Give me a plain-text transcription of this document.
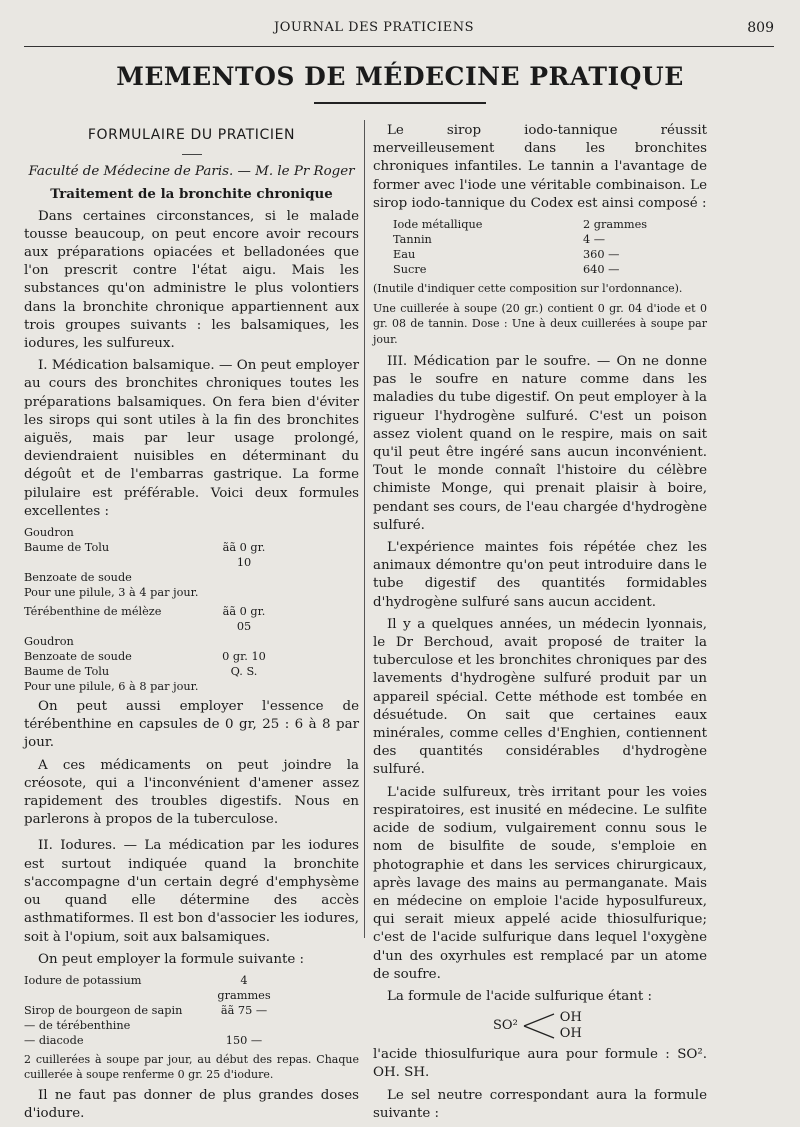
JOURNAL DES PRATICIENS	809
MEMENTOS DE MÉDECINE PRATIQUE
FORMULAIRE DU PRATICIEN

Faculté de Médecine de Paris. — M. le Pr Roger

Traitement de la bronchite chronique

Dans certaines circonstances, si le malade tousse beaucoup, on peut encore avoir recours aux préparations opiacées et belladonées que l'on prescrit contre l'état aigu. Mais les substances qu'on administre le plus volontiers dans la bronchite chronique appartiennent aux trois groupes suivants : les balsamiques, les iodures, les sulfureux.

I. Médication balsamique. — On peut employer au cours des bronchites chroniques toutes les préparations balsamiques. On fera bien d'éviter les sirops qui sont utiles à la fin des bronchites aiguës, mais par leur usage prolongé, deviendraient nuisibles en déterminant du dégoût et de l'embarras gastrique. La forme pilulaire est préférable. Voici deux formules excellentes :

Goudron
Baume de Tolu	ãã 0 gr. 10
Benzoate de soude
Pour une pilule, 3 à 4 par jour.
Térébenthine de mélèze	ãã 0 gr. 05
Goudron
Benzoate de soude	0 gr. 10
Baume de Tolu	Q. S.
Pour une pilule, 6 à 8 par jour.

On peut aussi employer l'essence de térébenthine en capsules de 0 gr, 25 : 6 à 8 par jour.

A ces médicaments on peut joindre la créosote, qui a l'inconvénient d'amener assez rapidement des troubles digestifs. Nous en parlerons à propos de la tuberculose.

II. Iodures. — La médication par les iodures est surtout indiquée quand la bronchite s'accompagne d'un certain degré d'emphysème ou quand elle détermine des accès asthmatiformes. Il est bon d'associer les iodures, soit à l'opium, soit aux balsamiques.

On peut employer la formule suivante :

Iodure de potassium	4 grammes
Sirop de bourgeon de sapin	ãã 75 —
— de térébenthine
— diacode	150 —

2 cuillerées à soupe par jour, au début des repas. Chaque cuillerée à soupe renferme 0 gr. 25 d'iodure.

Il ne faut pas donner de plus grandes doses d'iodure.

Le sirop iodo-tannique réussit merveilleusement dans les bronchites chroniques infantiles. Le tannin a l'avantage de former avec l'iode une véritable combinaison. Le sirop iodo-tannique du Codex est ainsi composé :

Iode métallique	2 grammes
Tannin	4 —
Eau	360 —
Sucre	640 —

(Inutile d'indiquer cette composition sur l'ordonnance).

Une cuillerée à soupe (20 gr.) contient 0 gr. 04 d'iode et 0 gr. 08 de tannin. Dose : Une à deux cuillerées à soupe par jour.

III. Médication par le soufre. — On ne donne pas le soufre en nature comme dans les maladies du tube digestif. On peut employer à la rigueur l'hydrogène sulfuré. C'est un poison assez violent quand on le respire, mais on sait qu'il peut être ingéré sans aucun inconvénient. Tout le monde connaît l'histoire du célèbre chimiste Monge, qui prenait plaisir à boire, pendant ses cours, de l'eau chargée d'hydrogène sulfuré.

L'expérience maintes fois répétée chez les animaux démontre qu'on peut introduire dans le tube digestif des quantités formidables d'hydrogène sulfuré sans aucun accident.

Il y a quelques années, un médecin lyonnais, le Dr Berchoud, avait proposé de traiter la tuberculose et les bronchites chroniques par des lavements d'hydrogène sulfuré produit par un appareil spécial. Cette méthode est tombée en désuétude. On sait que certaines eaux minérales, comme celles d'Enghien, contiennent des quantités considérables d'hydrogène sulfuré.

L'acide sulfureux, très irritant pour les voies respiratoires, est inusité en médecine. Le sulfite acide de sodium, vulgairement connu sous le nom de bisulfite de soude, s'emploie en photographie et dans les services chirurgicaux, après lavage des mains au permanganate. Mais en médecine on emploie l'acide hyposulfureux, qui serait mieux appelé acide thiosulfurique; c'est de l'acide sulfurique dans lequel l'oxygène d'un des oxyrhules est remplacé par un atome de soufre.

La formule de l'acide sulfurique étant :

SO²
OH
OH

l'acide thiosulfurique aura pour formule : SO². OH. SH.

Le sel neutre correspondant aura la formule suivante :
